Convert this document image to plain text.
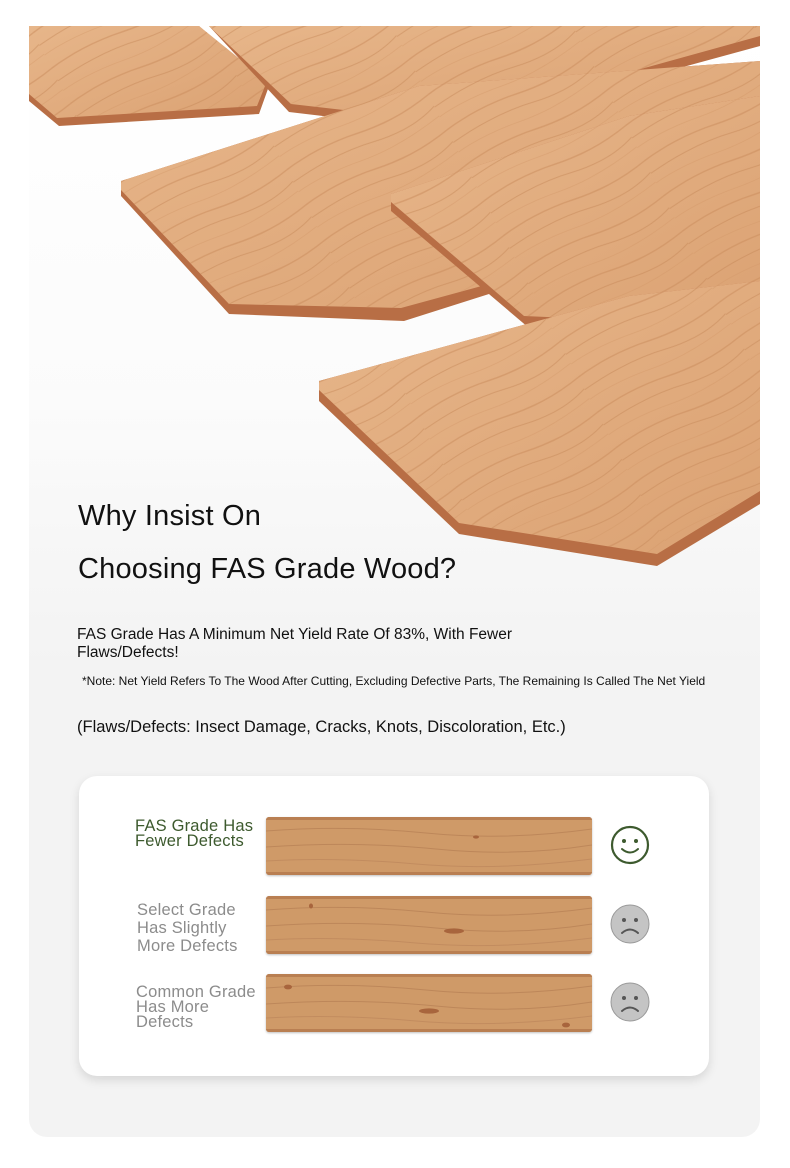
Why Insist On
Choosing FAS Grade Wood?
FAS Grade Has A Minimum Net Yield Rate Of 83%, With Fewer Flaws/Defects!
*Note: Net Yield Refers To The Wood After Cutting, Excluding Defective Parts, The Remaining Is Called The Net Yield
(Flaws/Defects: Insect Damage, Cracks, Knots, Discoloration, Etc.)
FAS Grade Has Fewer Defects
Select Grade Has Slightly More Defects
Common Grade Has More Defects
